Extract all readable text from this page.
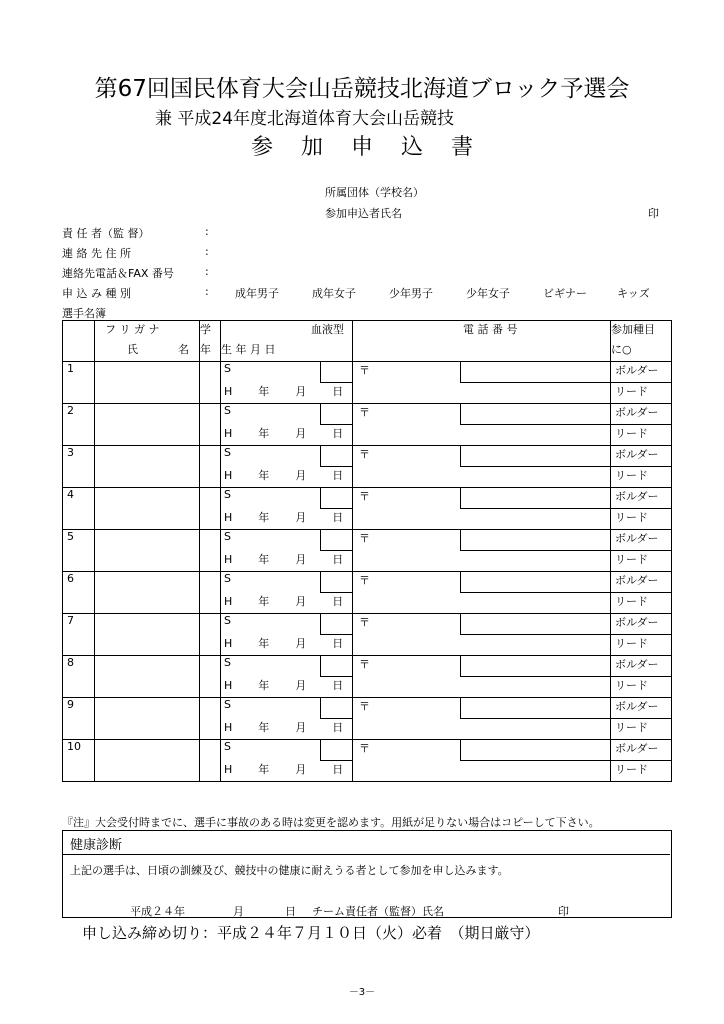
第67回国民体育大会山岳競技北海道ブロック予選会
兼 平成24年度北海道体育大会山岳競技
参加申込書
所属団体（学校名）
参加申込者氏名	印
責 任 者（監 督）	:
連 絡 先 住 所	:
連絡先電話＆FAX 番号	:
申 込 み 種 別	: 成年男子	成年女子	少年男子	少年女子	ビギナー	キッズ
選手名簿
	フ リ ガ ナ	学	血液型		電 話 番 号		参加種目
	氏 名	年	生 年 月 日				に○
1			S		〒		ボルダー
			H 年 月 日				リード
2			S		〒		ボルダー
			H 年 月 日				リード
3			S		〒		ボルダー
			H 年 月 日				リード
4			S		〒		ボルダー
			H 年 月 日				リード
5			S		〒		ボルダー
			H 年 月 日				リード
6			S		〒		ボルダー
			H 年 月 日				リード
7			S		〒		ボルダー
			H 年 月 日				リード
8			S		〒		ボルダー
			H 年 月 日				リード
9			S		〒		ボルダー
			H 年 月 日				リード
10			S		〒		ボルダー
			H 年 月 日				リード
『注』大会受付時までに、選手に事故のある時は変更を認めます。用紙が足りない場合はコピーして下さい。
健康診断
上記の選手は、日頃の訓練及び、競技中の健康に耐えうる者として参加を申し込みます。
平成２４年	月	日 チーム責任者（監督）氏名	印
申し込み締め切り：平成２４年７月１０日（火）必着　（期日厳守）
－3－
